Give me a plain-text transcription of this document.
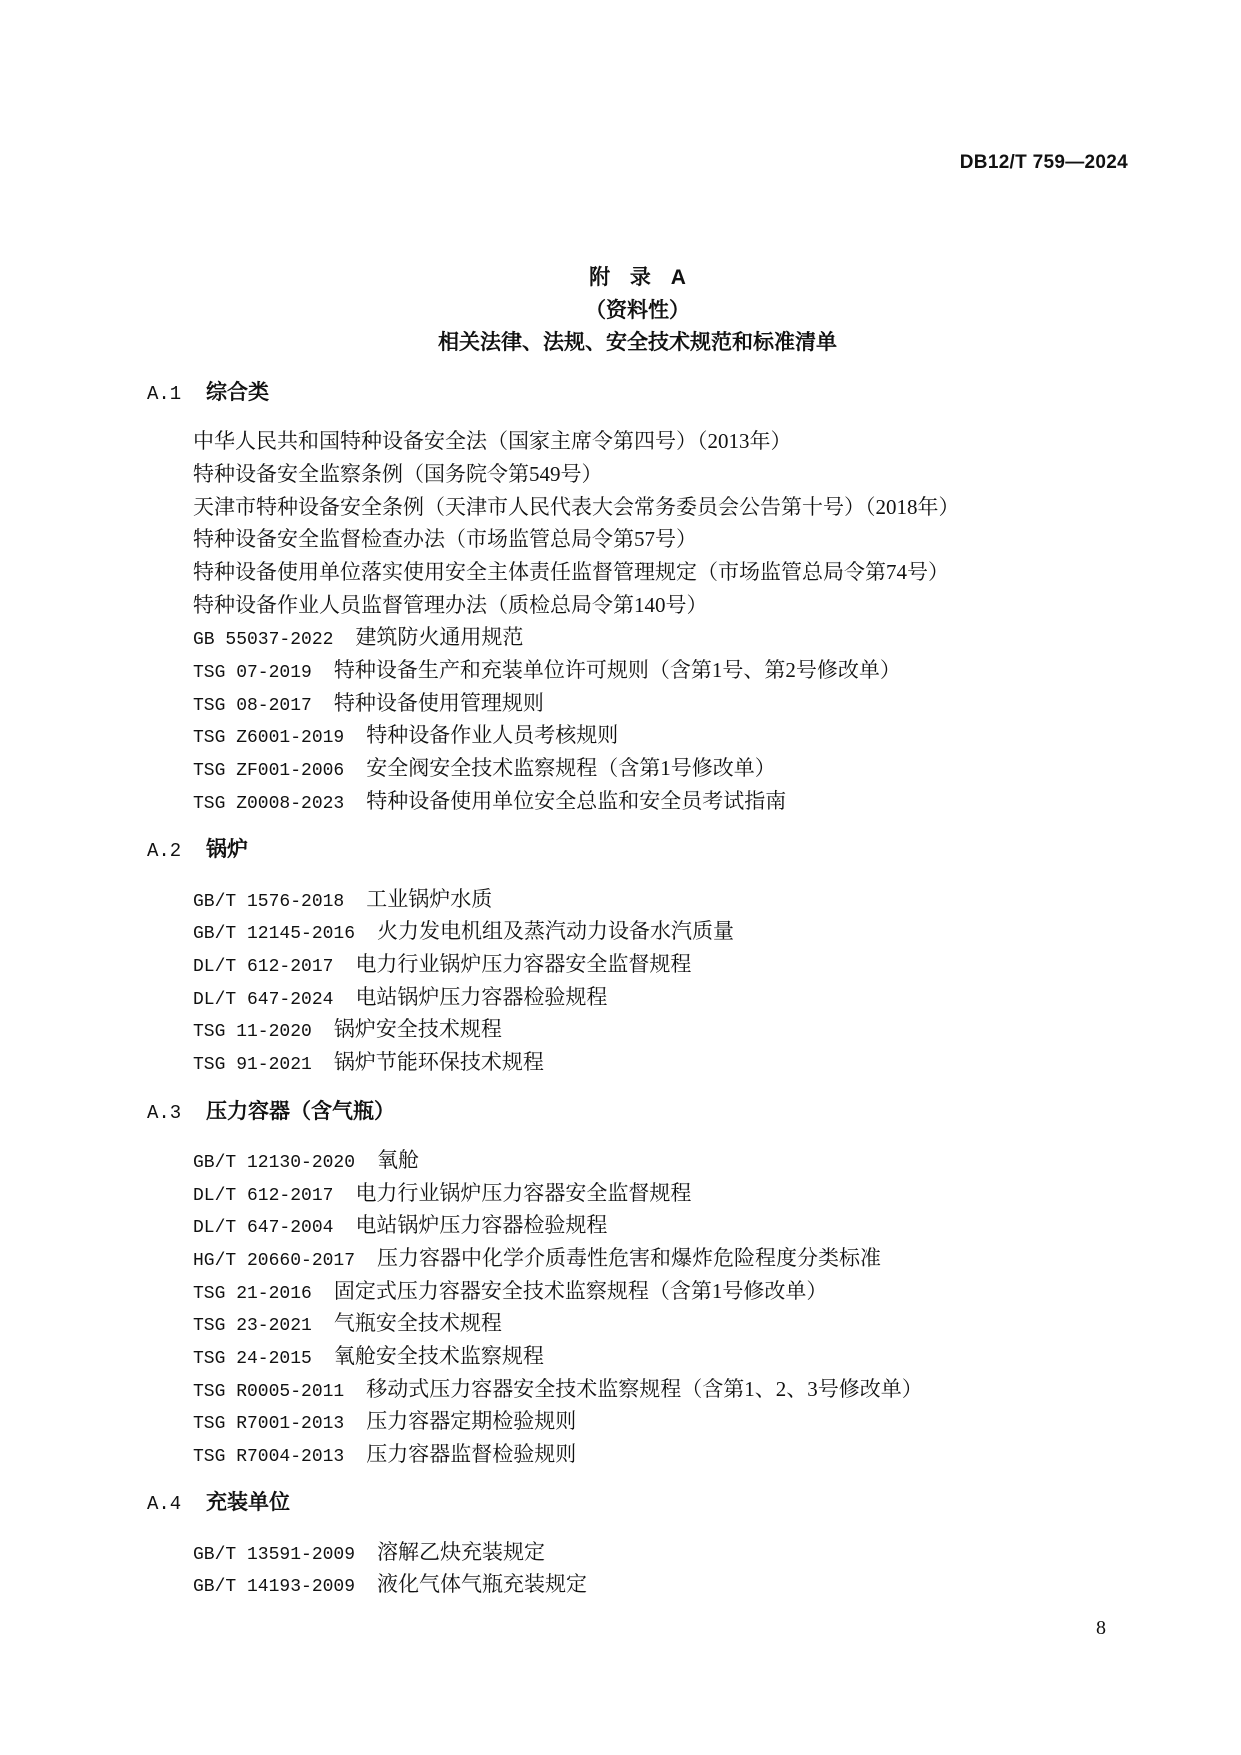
DB12/T 759—2024
附 录 A
（资料性）
相关法律、法规、安全技术规范和标准清单
A.1 综合类
中华人民共和国特种设备安全法（国家主席令第四号）（2013年）
特种设备安全监察条例（国务院令第549号）
天津市特种设备安全条例（天津市人民代表大会常务委员会公告第十号）（2018年）
特种设备安全监督检查办法（市场监管总局令第57号）
特种设备使用单位落实使用安全主体责任监督管理规定（市场监管总局令第74号）
特种设备作业人员监督管理办法（质检总局令第140号）
GB 55037-2022 建筑防火通用规范
TSG 07-2019 特种设备生产和充装单位许可规则（含第1号、第2号修改单）
TSG 08-2017 特种设备使用管理规则
TSG Z6001-2019 特种设备作业人员考核规则
TSG ZF001-2006 安全阀安全技术监察规程（含第1号修改单）
TSG Z0008-2023 特种设备使用单位安全总监和安全员考试指南
A.2 锅炉
GB/T 1576-2018 工业锅炉水质
GB/T 12145-2016 火力发电机组及蒸汽动力设备水汽质量
DL/T 612-2017 电力行业锅炉压力容器安全监督规程
DL/T 647-2024 电站锅炉压力容器检验规程
TSG 11-2020 锅炉安全技术规程
TSG 91-2021 锅炉节能环保技术规程
A.3 压力容器（含气瓶）
GB/T 12130-2020 氧舱
DL/T 612-2017 电力行业锅炉压力容器安全监督规程
DL/T 647-2004 电站锅炉压力容器检验规程
HG/T 20660-2017 压力容器中化学介质毒性危害和爆炸危险程度分类标准
TSG 21-2016 固定式压力容器安全技术监察规程（含第1号修改单）
TSG 23-2021 气瓶安全技术规程
TSG 24-2015 氧舱安全技术监察规程
TSG R0005-2011 移动式压力容器安全技术监察规程（含第1、2、3号修改单）
TSG R7001-2013 压力容器定期检验规则
TSG R7004-2013 压力容器监督检验规则
A.4 充装单位
GB/T 13591-2009 溶解乙炔充装规定
GB/T 14193-2009 液化气体气瓶充装规定
8
